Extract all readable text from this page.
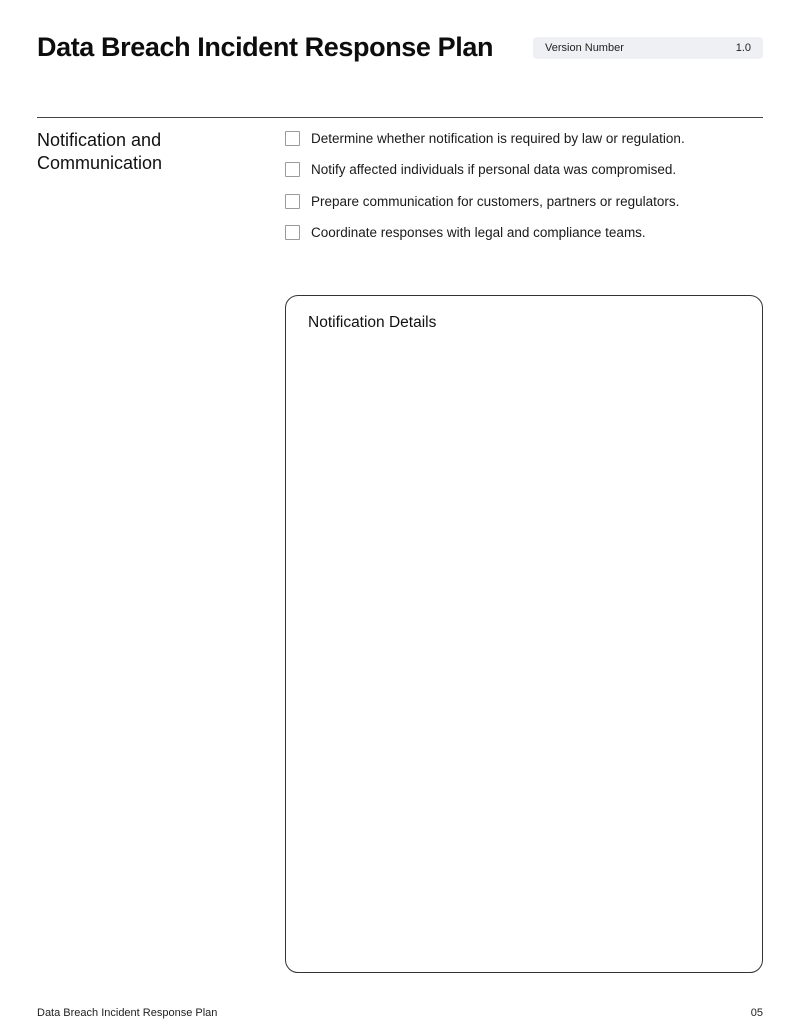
Data Breach Incident Response Plan	Version Number	1.0
Notification and Communication
Determine whether notification is required by law or regulation.
Notify affected individuals if personal data was compromised.
Prepare communication for customers, partners or regulators.
Coordinate responses with legal and compliance teams.
Notification Details
Data Breach Incident Response Plan	05
